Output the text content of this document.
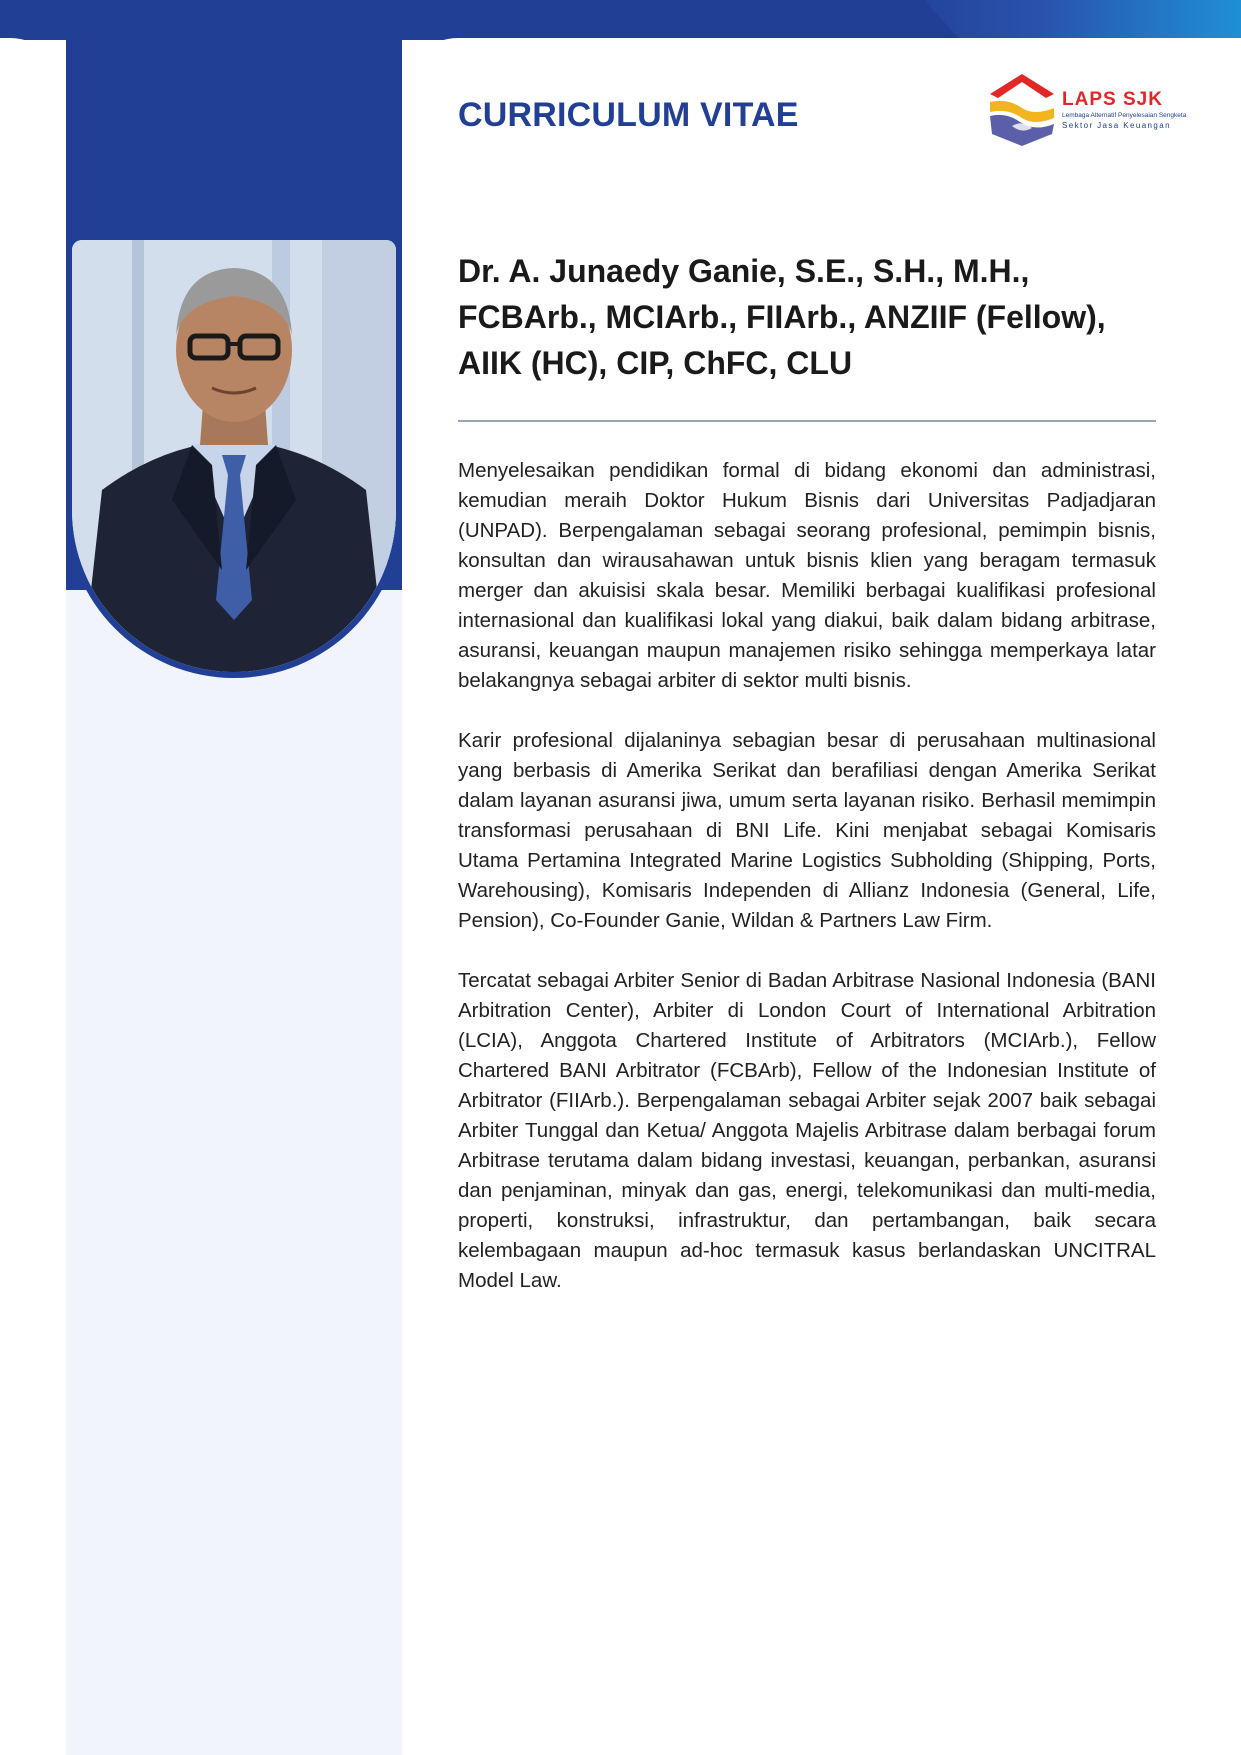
CURRICULUM VITAE	LAPS SJK
Lembaga Alternatif Penyelesaian Sengketa
Sektor Jasa Keuangan
Dr. A. Junaedy Ganie, S.E., S.H., M.H.,
FCBArb., MCIArb., FIIArb., ANZIIF (Fellow),
AIIK (HC), CIP, ChFC, CLU

Menyelesaikan pendidikan formal di bidang ekonomi dan administrasi, kemudian meraih Doktor Hukum Bisnis dari Universitas Padjadjaran (UNPAD). Berpengalaman sebagai seorang profesional, pemimpin bisnis, konsultan dan wirausahawan untuk bisnis klien yang beragam termasuk merger dan akuisisi skala besar. Memiliki berbagai kualifikasi profesional internasional dan kualifikasi lokal yang diakui, baik dalam bidang arbitrase, asuransi, keuangan maupun manajemen risiko sehingga memperkaya latar belakangnya sebagai arbiter di sektor multi bisnis.

Karir profesional dijalaninya sebagian besar di perusahaan multinasional yang berbasis di Amerika Serikat dan berafiliasi dengan Amerika Serikat dalam layanan asuransi jiwa, umum serta layanan risiko. Berhasil memimpin transformasi perusahaan di BNI Life. Kini menjabat sebagai Komisaris Utama Pertamina Integrated Marine Logistics Subholding (Shipping, Ports, Warehousing), Komisaris Independen di Allianz Indonesia (General, Life, Pension), Co-Founder Ganie, Wildan & Partners Law Firm.

Tercatat sebagai Arbiter Senior di Badan Arbitrase Nasional Indonesia (BANI Arbitration Center), Arbiter di London Court of International Arbitration (LCIA), Anggota Chartered Institute of Arbitrators (MCIArb.), Fellow Chartered BANI Arbitrator (FCBArb), Fellow of the Indonesian Institute of Arbitrator (FIIArb.). Berpengalaman sebagai Arbiter sejak 2007 baik sebagai Arbiter Tunggal dan Ketua/ Anggota Majelis Arbitrase dalam berbagai forum Arbitrase terutama dalam bidang investasi, keuangan, perbankan, asuransi dan penjaminan, minyak dan gas, energi, telekomunikasi dan multi-media, properti, konstruksi, infrastruktur, dan pertambangan, baik secara kelembagaan maupun ad-hoc termasuk kasus berlandaskan UNCITRAL Model Law.
